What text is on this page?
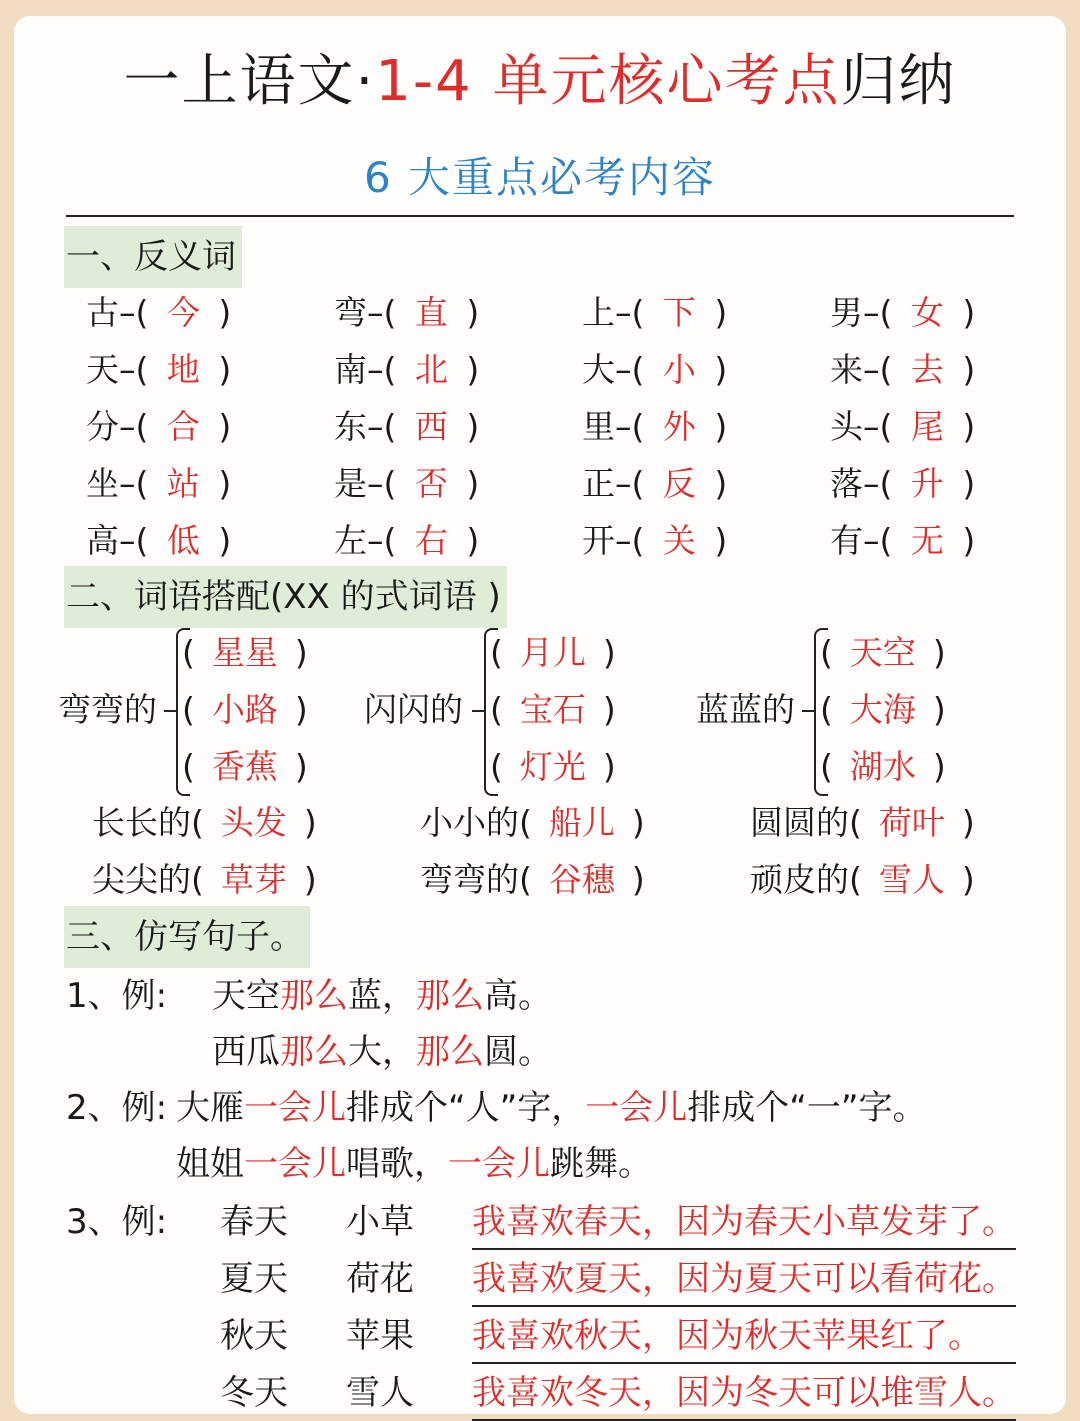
一上语文·1-4 单元核心考点归纳
6 大重点必考内容
一、反义词
古–( 今 )	弯–( 直 )	上–( 下 )	男–( 女 )
天–( 地 )	南–( 北 )	大–( 小 )	来–( 去 )
分–( 合 )	东–( 西 )	里–( 外 )	头–( 尾 )
坐–( 站 )	是–( 否 )	正–( 反 )	落–( 升 )
高–( 低 )	左–( 右 )	开–( 关 )	有–( 无 )
二、词语搭配(XX 的式词语 )
弯弯的
( 星星 )
( 小路 )
( 香蕉 )
闪闪的
( 月儿 )
( 宝石 )
( 灯光 )
蓝蓝的
( 天空 )
( 大海 )
( 湖水 )
长长的( 头发 )	小小的( 船儿 )	圆圆的( 荷叶 )
尖尖的( 草芽 )	弯弯的( 谷穗 )	顽皮的( 雪人 )
三、仿写句子。
1、例: 天空那么蓝，那么高。
西瓜那么大，那么圆。
2、例: 大雁一会儿排成个“人”字，一会儿排成个“一”字。
姐姐一会儿唱歌，一会儿跳舞。
3、例: 春天 小草 我喜欢春天，因为春天小草发芽了。
夏天 荷花 我喜欢夏天，因为夏天可以看荷花。
秋天 苹果 我喜欢秋天，因为秋天苹果红了。
冬天 雪人 我喜欢冬天，因为冬天可以堆雪人。
